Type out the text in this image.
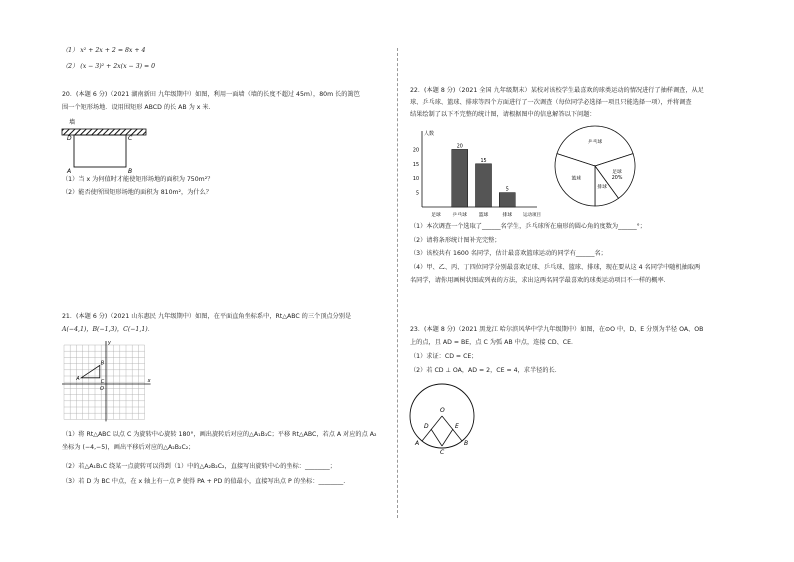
（1） x² + 2x + 2 = 8x + 4
（2） (x − 3)² + 2x(x − 3) = 0
20．(本题 6 分)（2021 湖南新田 九年级期中）如图，利用一面墙（墙的长度不超过 45m），80m 长的篱笆
围一个矩形场地．设用围矩形 ABCD 的长 AB 为 x 米．
墙
D	C
A	B
（1）当 x 为何值时才能使矩形场地的面积为 750m²？
（2）能否使所围矩形场地的面积为 810m²，为什么？
21．(本题 6 分)（2021 山东惠民 九年级期中）如图，在平面直角坐标系中，Rt△ABC 的三个顶点分别是
A(−4,1)，B(−1,3)，C(−1,1)．
B
A	C
O
x
y
（1）将 Rt△ABC 以点 C 为旋转中心旋转 180°，画出旋转后对应的△A₁B₁C；平移 Rt△ABC，若点 A 对应的点 A₂
坐标为 (−4,−5)，画出平移后对应的△A₂B₂C₂；
（2）若△A₁B₁C 绕某一点旋转可以得到（1）中的△A₂B₂C₂，直接写出旋转中心的坐标：________；
（3）若 D 为 BC 中点，在 x 轴上有一点 P 使得 PA + PD 的值最小，直接写出点 P 的坐标：________.
22．(本题 8 分)（2021 全国 九年级期末）某校对该校学生最喜欢的球类运动的情况进行了抽样调查，从足
球、乒乓球、篮球、排球等四个方面进行了一次调查（每位同学必选择一项且只能选择一项），并将调查
结果绘制了以下不完整的统计图，请根据图中的信息解答以下问题：
人数
运动项目
5
10
15
20
足球 乒乓球
20
篮球
15
排球
5
乒乓球
足球
20%
排球
篮球
（1）本次调查一个选取了______名学生，乒乓球所在扇形的圆心角的度数为______°；
（2）请将条形统计图补充完整；
（3）该校共有 1600 名同学，估计最喜欢篮球运动的同学有______名；
（4）甲、乙、丙、丁四位同学分别最喜欢足球、乒乓球、篮球、排球，现在要从这 4 名同学中随机抽取两
名同学，请你用画树状图或列表的方法，求出这两名同学最喜欢的球类运动项目不一样的概率．
23．(本题 8 分)（2021 黑龙江 哈尔滨风华中学九年级期中）如图，在⊙O 中，D、E 分别为半径 OA、OB
上的点，且 AD = BE，点 C 为弧 AB 中点，连接 CD、CE．
（1）求证：CD = CE；
（2）若 CD ⊥ OA，AD = 2，CE = 4，求半径的长．
O
D	E
A	B
C
